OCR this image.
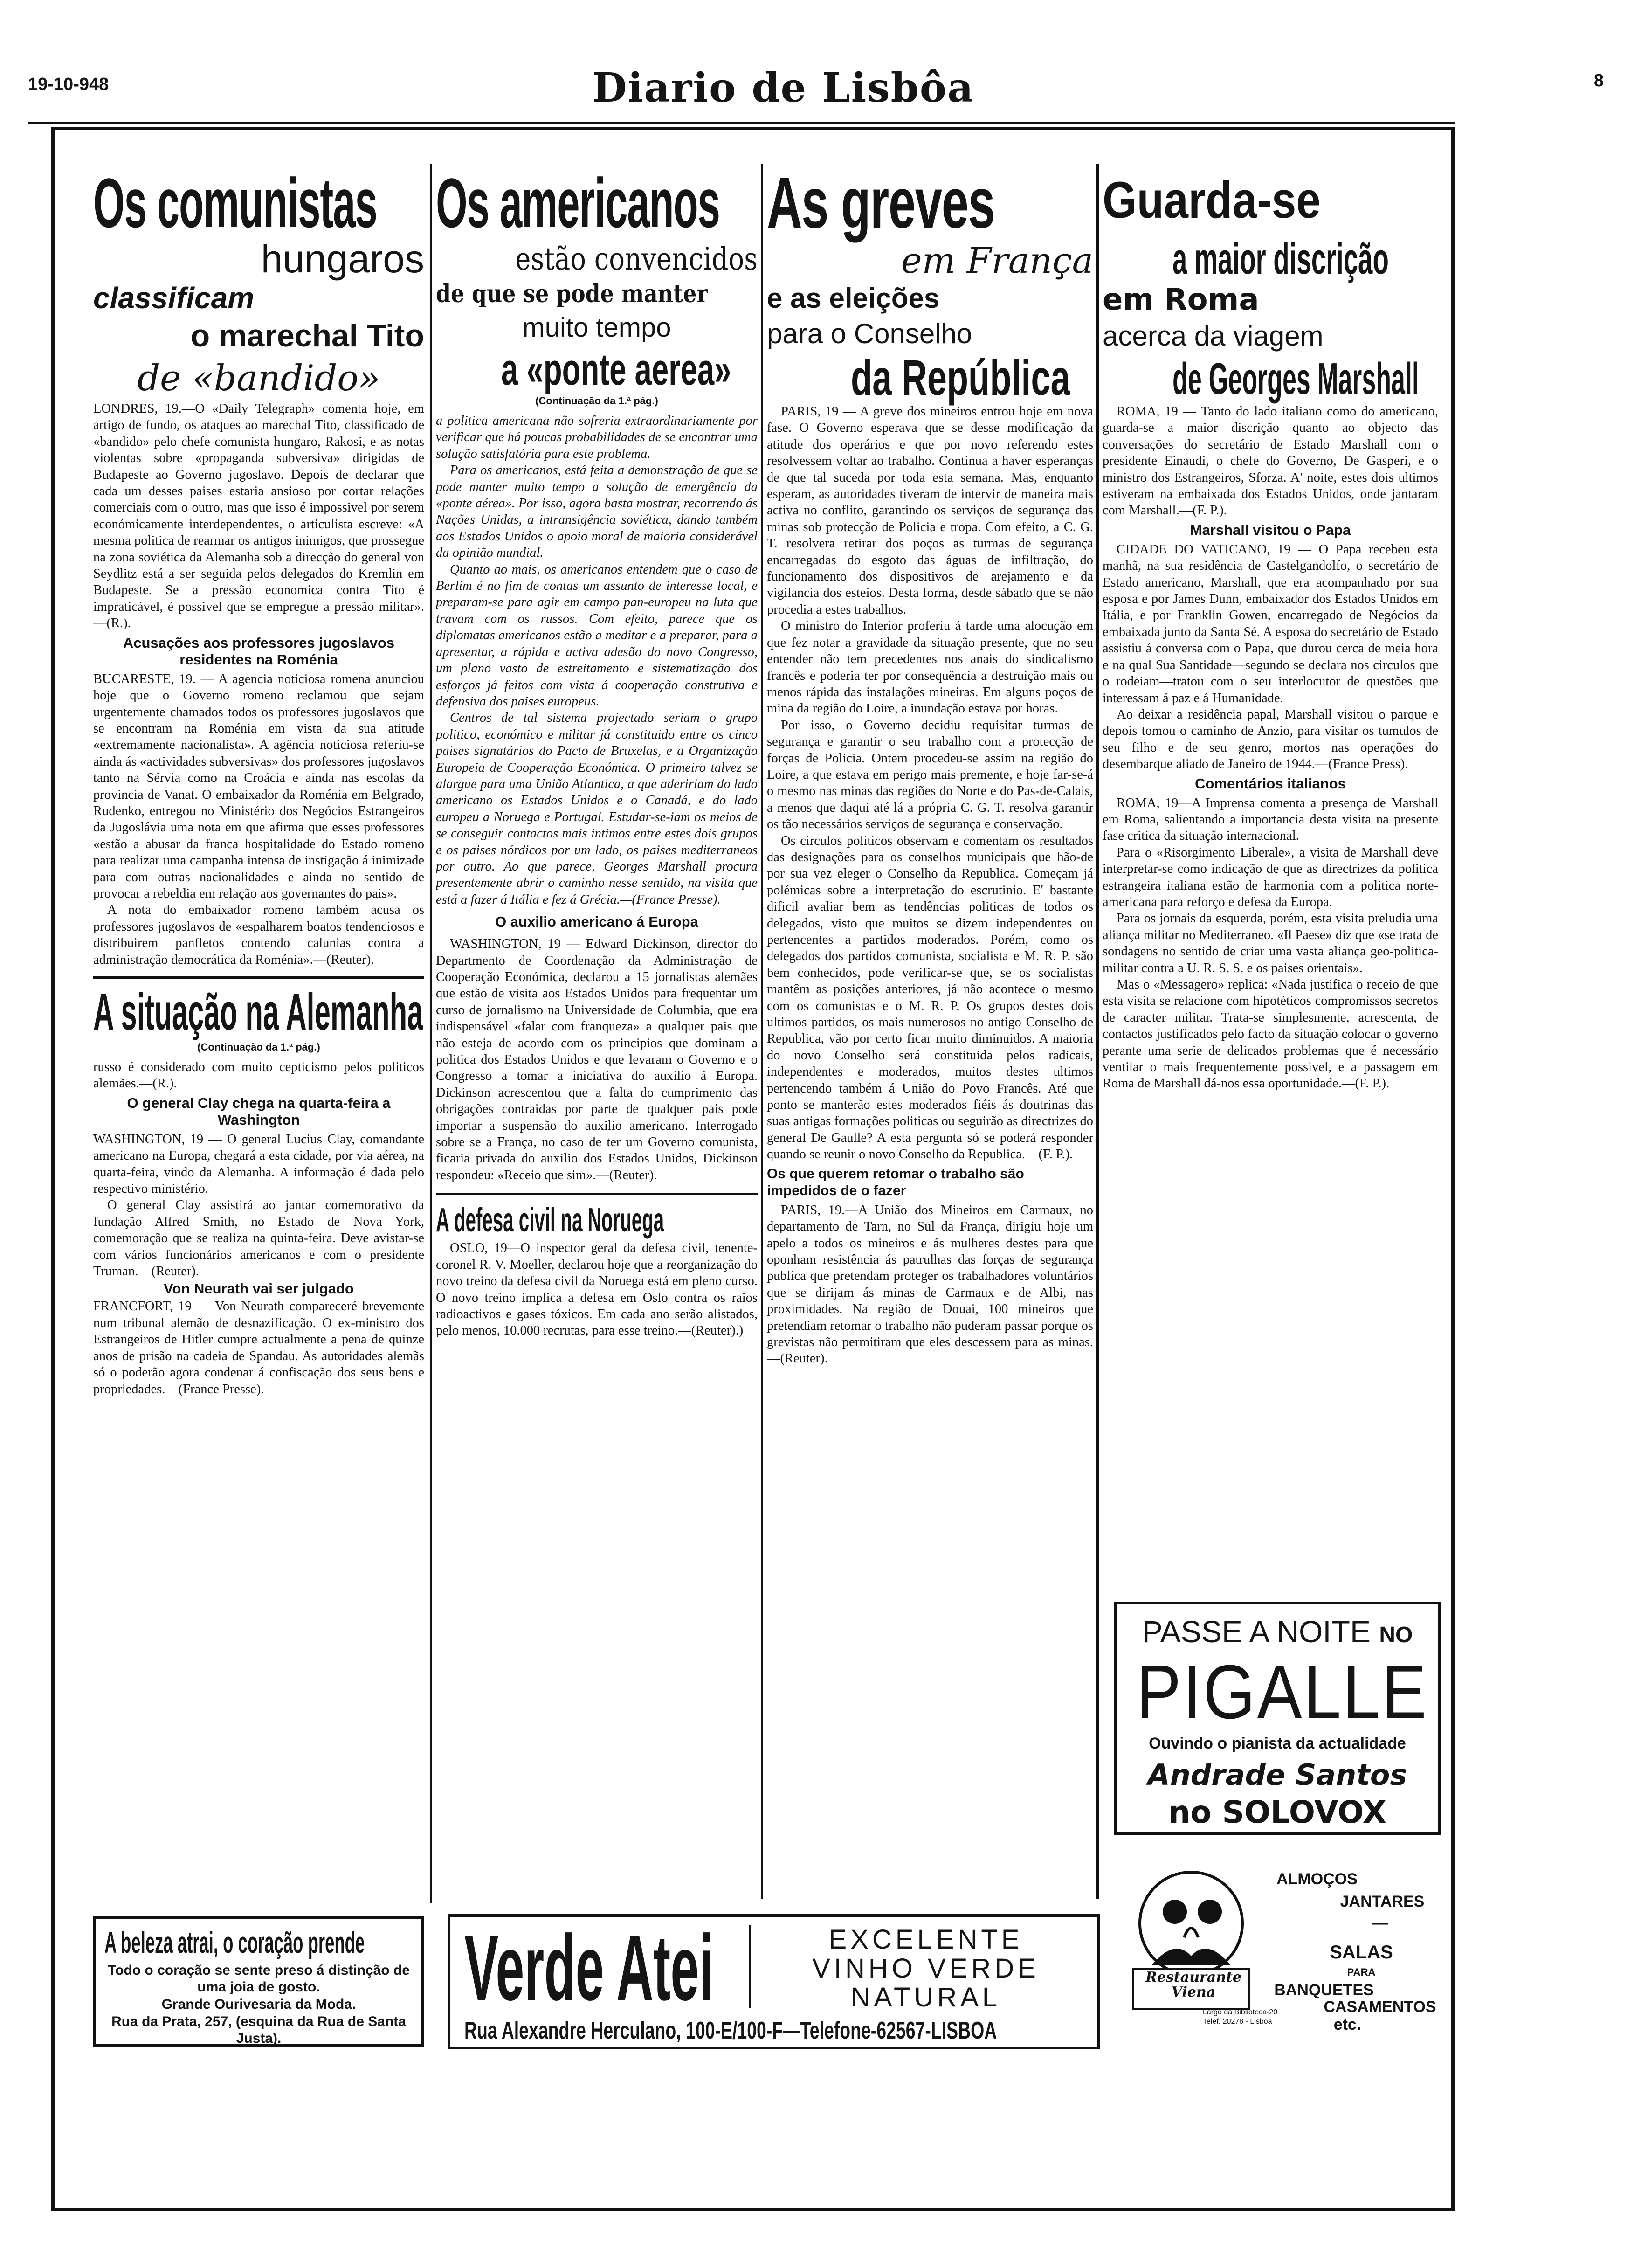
19-10-948	Diario de Lisbôa	8
Os comunistas
hungaros
classificam
o marechal Tito
de «bandido»

LONDRES, 19.—O «Daily Telegraph» comenta hoje, em artigo de fundo, os ataques ao marechal Tito, classificado de «bandido» pelo chefe comunista hungaro, Rakosi, e as notas violentas sobre «propaganda subversiva» dirigidas de Budapeste ao Governo jugoslavo. Depois de declarar que cada um desses paises estaria ansioso por cortar relações comerciais com o outro, mas que isso é impossivel por serem económicamente interdependentes, o articulista escreve: «A mesma politica de rearmar os antigos inimigos, que prossegue na zona soviética da Alemanha sob a direcção do general von Seydlitz está a ser seguida pelos delegados do Kremlin em Budapeste. Se a pressão economica contra Tito é impraticável, é possivel que se empregue a pressão militar».—(R.).

Acusações aos professores jugoslavos residentes na Roménia

BUCARESTE, 19. — A agencia noticiosa romena anunciou hoje que o Governo romeno reclamou que sejam urgentemente chamados todos os professores jugoslavos que se encontram na Roménia em vista da sua atitude «extremamente nacionalista». A agência noticiosa referiu-se ainda ás «actividades subversivas» dos professores jugoslavos tanto na Sérvia como na Croácia e ainda nas escolas da provincia de Vanat. O embaixador da Roménia em Belgrado, Rudenko, entregou no Ministério dos Negócios Estrangeiros da Jugoslávia uma nota em que afirma que esses professores «estão a abusar da franca hospitalidade do Estado romeno para realizar uma campanha intensa de instigação á inimizade para com outras nacionalidades e ainda no sentido de provocar a rebeldia em relação aos governantes do pais».

A nota do embaixador romeno também acusa os professores jugoslavos de «espalharem boatos tendenciosos e distribuirem panfletos contendo calunias contra a administração democrática da Roménia».—(Reuter).

A situação na Alemanha
(Continuação da 1.ª pág.)

russo é considerado com muito cepticismo pelos politicos alemães.—(R.).

O general Clay chega na quarta-feira a Washington

WASHINGTON, 19 — O general Lucius Clay, comandante americano na Europa, chegará a esta cidade, por via aérea, na quarta-feira, vindo da Alemanha. A informação é dada pelo respectivo ministério.

O general Clay assistirá ao jantar comemorativo da fundação Alfred Smith, no Estado de Nova York, comemoração que se realiza na quinta-feira. Deve avistar-se com vários funcionários americanos e com o presidente Truman.—(Reuter).

Von Neurath vai ser julgado

FRANCFORT, 19 — Von Neurath compareceré brevemente num tribunal alemão de desnazificação. O ex-ministro dos Estrangeiros de Hitler cumpre actualmente a pena de quinze anos de prisão na cadeia de Spandau. As autoridades alemãs só o poderão agora condenar á confiscação dos seus bens e propriedades.—(France Presse).

Os americanos
estão convencidos
de que se pode manter
muito tempo
a «ponte aerea»
(Continuação da 1.ª pág.)

a politica americana não sofreria extraordinariamente por verificar que há poucas probabilidades de se encontrar uma solução satisfatória para este problema.

Para os americanos, está feita a demonstração de que se pode manter muito tempo a solução de emergência da «ponte aérea». Por isso, agora basta mostrar, recorrendo ás Nações Unidas, a intransigência soviética, dando também aos Estados Unidos o apoio moral de maioria considerável da opinião mundial.

Quanto ao mais, os americanos entendem que o caso de Berlim é no fim de contas um assunto de interesse local, e preparam-se para agir em campo pan-europeu na luta que travam com os russos. Com efeito, parece que os diplomatas americanos estão a meditar e a preparar, para a apresentar, a rápida e activa adesão do novo Congresso, um plano vasto de estreitamento e sistematização dos esforços já feitos com vista á cooperação construtiva e defensiva dos paises europeus.

Centros de tal sistema projectado seriam o grupo politico, económico e militar já constituido entre os cinco paises signatários do Pacto de Bruxelas, e a Organização Europeia de Cooperação Económica. O primeiro talvez se alargue para uma União Atlantica, a que adeririam do lado americano os Estados Unidos e o Canadá, e do lado europeu a Noruega e Portugal. Estudar-se-iam os meios de se conseguir contactos mais intimos entre estes dois grupos e os paises nórdicos por um lado, os paises mediterraneos por outro. Ao que parece, Georges Marshall procura presentemente abrir o caminho nesse sentido, na visita que está a fazer á Itália e fez á Grécia.—(France Presse).

O auxilio americano á Europa

WASHINGTON, 19 — Edward Dickinson, director do Departmento de Coordenação da Administração de Cooperação Económica, declarou a 15 jornalistas alemães que estão de visita aos Estados Unidos para frequentar um curso de jornalismo na Universidade de Columbia, que era indispensável «falar com franqueza» a qualquer pais que não esteja de acordo com os principios que dominam a politica dos Estados Unidos e que levaram o Governo e o Congresso a tomar a iniciativa do auxilio á Europa. Dickinson acrescentou que a falta do cumprimento das obrigações contraidas por parte de qualquer pais pode importar a suspensão do auxilio americano. Interrogado sobre se a França, no caso de ter um Governo comunista, ficaria privada do auxilio dos Estados Unidos, Dickinson respondeu: «Receio que sim».—(Reuter).

A defesa civil na Noruega

OSLO, 19—O inspector geral da defesa civil, tenente-coronel R. V. Moeller, declarou hoje que a reorganização do novo treino da defesa civil da Noruega está em pleno curso. O novo treino implica a defesa em Oslo contra os raios radioactivos e gases tóxicos. Em cada ano serão alistados, pelo menos, 10.000 recrutas, para esse treino.—(Reuter).)

As greves
em França
e as eleições
para o Conselho
da República

PARIS, 19 — A greve dos mineiros entrou hoje em nova fase. O Governo esperava que se desse modificação da atitude dos operários e que por novo referendo estes resolvessem voltar ao trabalho. Continua a haver esperanças de que tal suceda por toda esta semana. Mas, enquanto esperam, as autoridades tiveram de intervir de maneira mais activa no conflito, garantindo os serviços de segurança das minas sob protecção de Policia e tropa. Com efeito, a C. G. T. resolvera retirar dos poços as turmas de segurança encarregadas do esgoto das águas de infiltração, do funcionamento dos dispositivos de arejamento e da vigilancia dos esteios. Desta forma, desde sábado que se não procedia a estes trabalhos.

O ministro do Interior proferiu á tarde uma alocução em que fez notar a gravidade da situação presente, que no seu entender não tem precedentes nos anais do sindicalismo francês e poderia ter por consequência a destruição mais ou menos rápida das instalações mineiras. Em alguns poços de mina da região do Loire, a inundação estava por horas.

Por isso, o Governo decidiu requisitar turmas de segurança e garantir o seu trabalho com a protecção de forças de Policia. Ontem procedeu-se assim na região do Loire, a que estava em perigo mais premente, e hoje far-se-á o mesmo nas minas das regiões do Norte e do Pas-de-Calais, a menos que daqui até lá a própria C. G. T. resolva garantir os tão necessários serviços de segurança e conservação.

Os circulos politicos observam e comentam os resultados das designações para os conselhos municipais que hão-de por sua vez eleger o Conselho da Republica. Começam já polémicas sobre a interpretação do escrutinio. E' bastante dificil avaliar bem as tendências politicas de todos os delegados, visto que muitos se dizem independentes ou pertencentes a partidos moderados. Porém, como os delegados dos partidos comunista, socialista e M. R. P. são bem conhecidos, pode verificar-se que, se os socialistas mantêm as posições anteriores, já não acontece o mesmo com os comunistas e o M. R. P. Os grupos destes dois ultimos partidos, os mais numerosos no antigo Conselho de Republica, vão por certo ficar muito diminuidos. A maioria do novo Conselho será constituida pelos radicais, independentes e moderados, muitos destes ultimos pertencendo também á União do Povo Francês. Até que ponto se manterão estes moderados fiéis ás doutrinas das suas antigas formações politicas ou seguirão as directrizes do general De Gaulle? A esta pergunta só se poderá responder quando se reunir o novo Conselho da Republica.—(F. P.).

Os que querem retomar o trabalho são impedidos de o fazer

PARIS, 19.—A União dos Mineiros em Carmaux, no departamento de Tarn, no Sul da França, dirigiu hoje um apelo a todos os mineiros e ás mulheres destes para que oponham resistência ás patrulhas das forças de segurança publica que pretendam proteger os trabalhadores voluntários que se dirijam ás minas de Carmaux e de Albi, nas proximidades. Na região de Douai, 100 mineiros que pretendiam retomar o trabalho não puderam passar porque os grevistas não permitiram que eles descessem para as minas.—(Reuter).

Guarda-se
a maior discrição
em Roma
acerca da viagem
de Georges Marshall

ROMA, 19 — Tanto do lado italiano como do americano, guarda-se a maior discrição quanto ao objecto das conversações do secretário de Estado Marshall com o presidente Einaudi, o chefe do Governo, De Gasperi, e o ministro dos Estrangeiros, Sforza. A' noite, estes dois ultimos estiveram na embaixada dos Estados Unidos, onde jantaram com Marshall.—(F. P.).

Marshall visitou o Papa

CIDADE DO VATICANO, 19 — O Papa recebeu esta manhã, na sua residência de Castelgandolfo, o secretário de Estado americano, Marshall, que era acompanhado por sua esposa e por James Dunn, embaixador dos Estados Unidos em Itália, e por Franklin Gowen, encarregado de Negócios da embaixada junto da Santa Sé. A esposa do secretário de Estado assistiu á conversa com o Papa, que durou cerca de meia hora e na qual Sua Santidade—segundo se declara nos circulos que o rodeiam—tratou com o seu interlocutor de questões que interessam á paz e á Humanidade.

Ao deixar a residência papal, Marshall visitou o parque e depois tomou o caminho de Anzio, para visitar os tumulos de seu filho e de seu genro, mortos nas operações do desembarque aliado de Janeiro de 1944.—(France Press).

Comentários italianos

ROMA, 19—A Imprensa comenta a presença de Marshall em Roma, salientando a importancia desta visita na presente fase critica da situação internacional.

Para o «Risorgimento Liberale», a visita de Marshall deve interpretar-se como indicação de que as directrizes da politica estrangeira italiana estão de harmonia com a politica norte-americana para reforço e defesa da Europa.

Para os jornais da esquerda, porém, esta visita preludia uma aliança militar no Mediterraneo. «Il Paese» diz que «se trata de sondagens no sentido de criar uma vasta aliança geo-politica-militar contra a U. R. S. S. e os paises orientais».

Mas o «Messagero» replica: «Nada justifica o receio de que esta visita se relacione com hipotéticos compromissos secretos de caracter militar. Trata-se simplesmente, acrescenta, de contactos justificados pelo facto da situação colocar o governo perante uma serie de delicados problemas que é necessário ventilar o mais frequentemente possivel, e a passagem em Roma de Marshall dá-nos essa oportunidade.—(F. P.).

A beleza atrai, o coração prende
Todo o coração se sente preso á distinção de uma joia de gosto.
Grande Ourivesaria da Moda.
Rua da Prata, 257, (esquina da Rua de Santa Justa).
Verde Atei	EXCELENTE
VINHO VERDE
NATURAL
Rua Alexandre Herculano, 100-E/100-F—Telefone-62567-LISBOA
PASSE A NOITE NO
PIGALLE
Ouvindo o pianista da actualidade
Andrade Santos
no SOLOVOX
Restaurante
Viena
Largo da Biblioteca-20
Telef. 20278 - Lisboa
ALMOÇOS
JANTARES
—
SALAS
PARA
BANQUETES
CASAMENTOS
etc.
